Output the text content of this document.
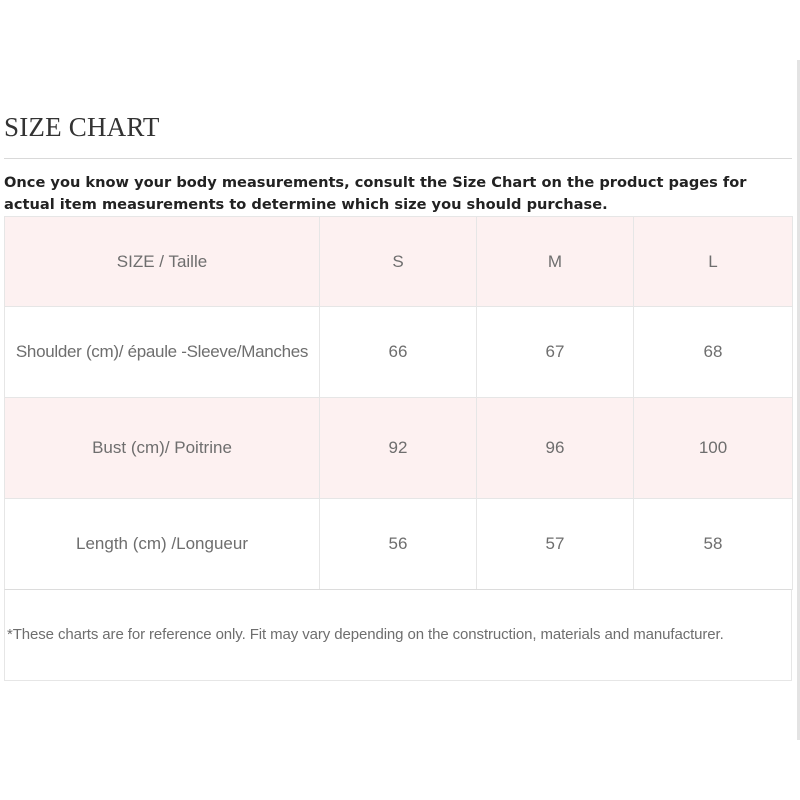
SIZE CHART

Once you know your body measurements, consult the Size Chart on the product pages for actual item measurements to determine which size you should purchase.

SIZE / Taille	S	M	L
Shoulder (cm)/ épaule -Sleeve/Manches	66	67	68
Bust (cm)/ Poitrine	92	96	100
Length (cm) /Longueur	56	57	58

*These charts are for reference only. Fit may vary depending on the construction, materials and manufacturer.
